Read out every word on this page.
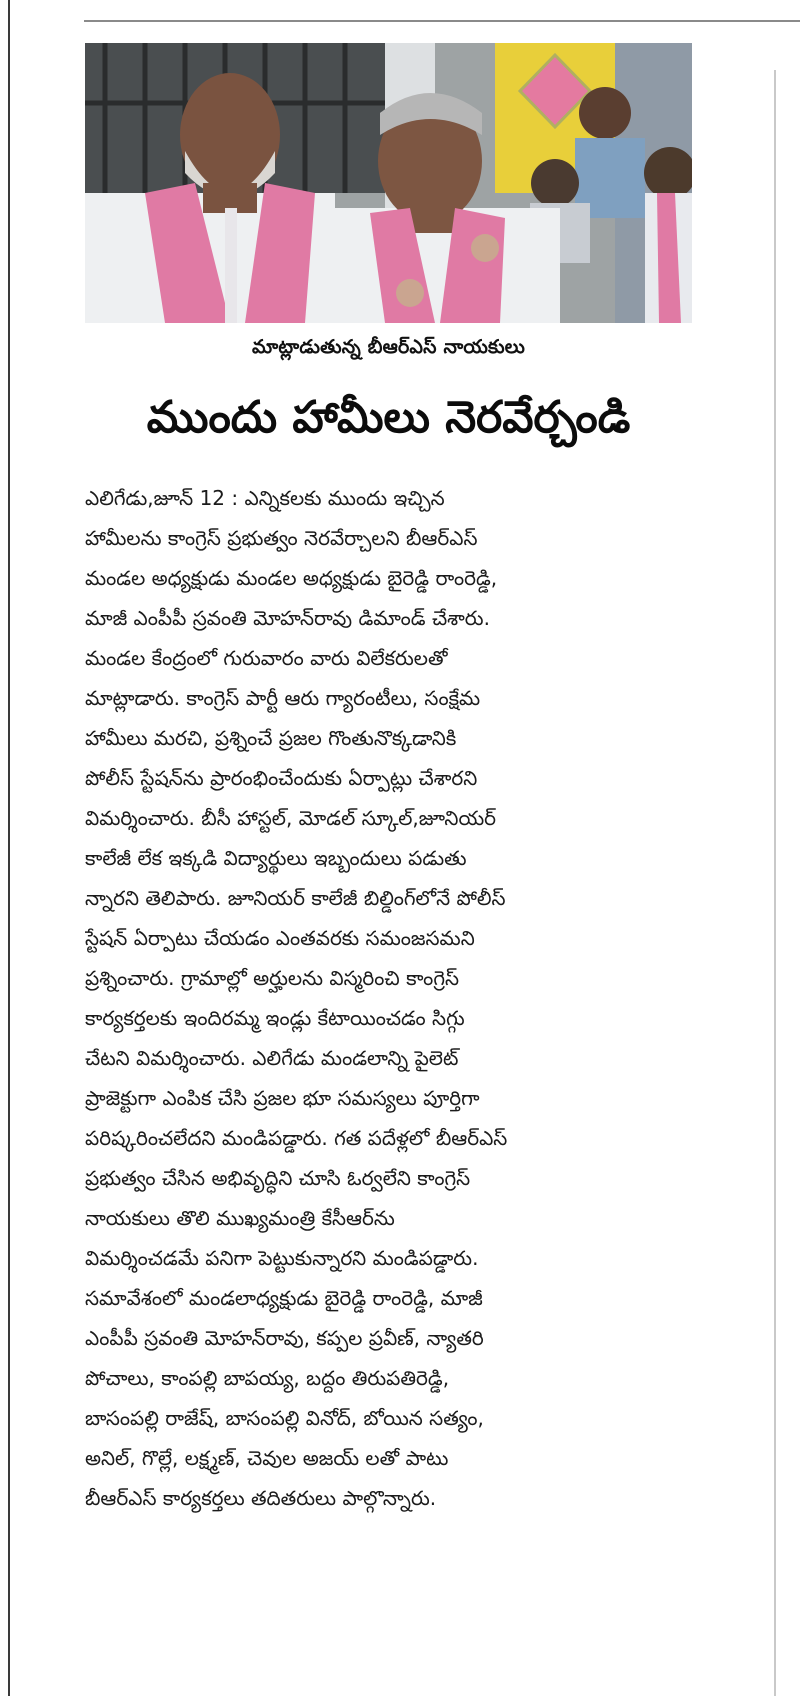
మాట్లాడుతున్న బీఆర్ఎస్ నాయకులు
ముందు హామీలు నెరవేర్చండి
ఎలిగేడు,జూన్ 12 : ఎన్నికలకు ముందు ఇచ్చిన
హామీలను కాంగ్రెస్ ప్రభుత్వం నెరవేర్చాలని బీఆర్ఎస్
మండల అధ్యక్షుడు మండల అధ్యక్షుడు బైరెడ్డి రాంరెడ్డి,
మాజీ ఎంపీపీ స్రవంతి మోహన్‌రావు డిమాండ్ చేశారు.
మండల కేంద్రంలో గురువారం వారు విలేకరులతో
మాట్లాడారు. కాంగ్రెస్ పార్టీ ఆరు గ్యారంటీలు, సంక్షేమ
హామీలు మరచి, ప్రశ్నించే ప్రజల గొంతునొక్కడానికి
పోలీస్ స్టేషన్‌ను ప్రారంభించేందుకు ఏర్పాట్లు చేశారని
విమర్శించారు. బీసీ హాస్టల్, మోడల్ స్కూల్,జూనియర్
కాలేజీ లేక ఇక్కడి విద్యార్థులు ఇబ్బందులు పడుతు
న్నారని తెలిపారు. జూనియర్ కాలేజీ బిల్డింగ్‌లోనే పోలీస్
స్టేషన్ ఏర్పాటు చేయడం ఎంతవరకు సమంజసమని
ప్రశ్నించారు. గ్రామాల్లో అర్హులను విస్మరించి కాంగ్రెస్
కార్యకర్తలకు ఇందిరమ్మ ఇండ్లు కేటాయించడం సిగ్గు
చేటని విమర్శించారు. ఎలిగేడు మండలాన్ని పైలెట్
ప్రాజెక్టుగా ఎంపిక చేసి ప్రజల భూ సమస్యలు పూర్తిగా
పరిష్కరించలేదని మండిపడ్డారు. గత పదేళ్లలో బీఆర్ఎస్
ప్రభుత్వం చేసిన అభివృద్ధిని చూసి ఓర్వలేని కాంగ్రెస్
నాయకులు తొలి ముఖ్యమంత్రి కేసీఆర్‌ను
విమర్శించడమే పనిగా పెట్టుకున్నారని మండిపడ్డారు.
సమావేశంలో మండలాధ్యక్షుడు బైరెడ్డి రాంరెడ్డి, మాజీ
ఎంపీపీ స్రవంతి మోహన్‌రావు, కప్పల ప్రవీణ్, న్యాతరి
పోచాలు, కాంపల్లి బాపయ్య, బద్దం తిరుపతిరెడ్డి,
బాసంపల్లి రాజేష్, బాసంపల్లి వినోద్, బోయిన సత్యం,
అనిల్, గొల్లే, లక్ష్మణ్, చెవుల అజయ్ లతో పాటు
బీఆర్ఎస్ కార్యకర్తలు తదితరులు పాల్గొన్నారు.
